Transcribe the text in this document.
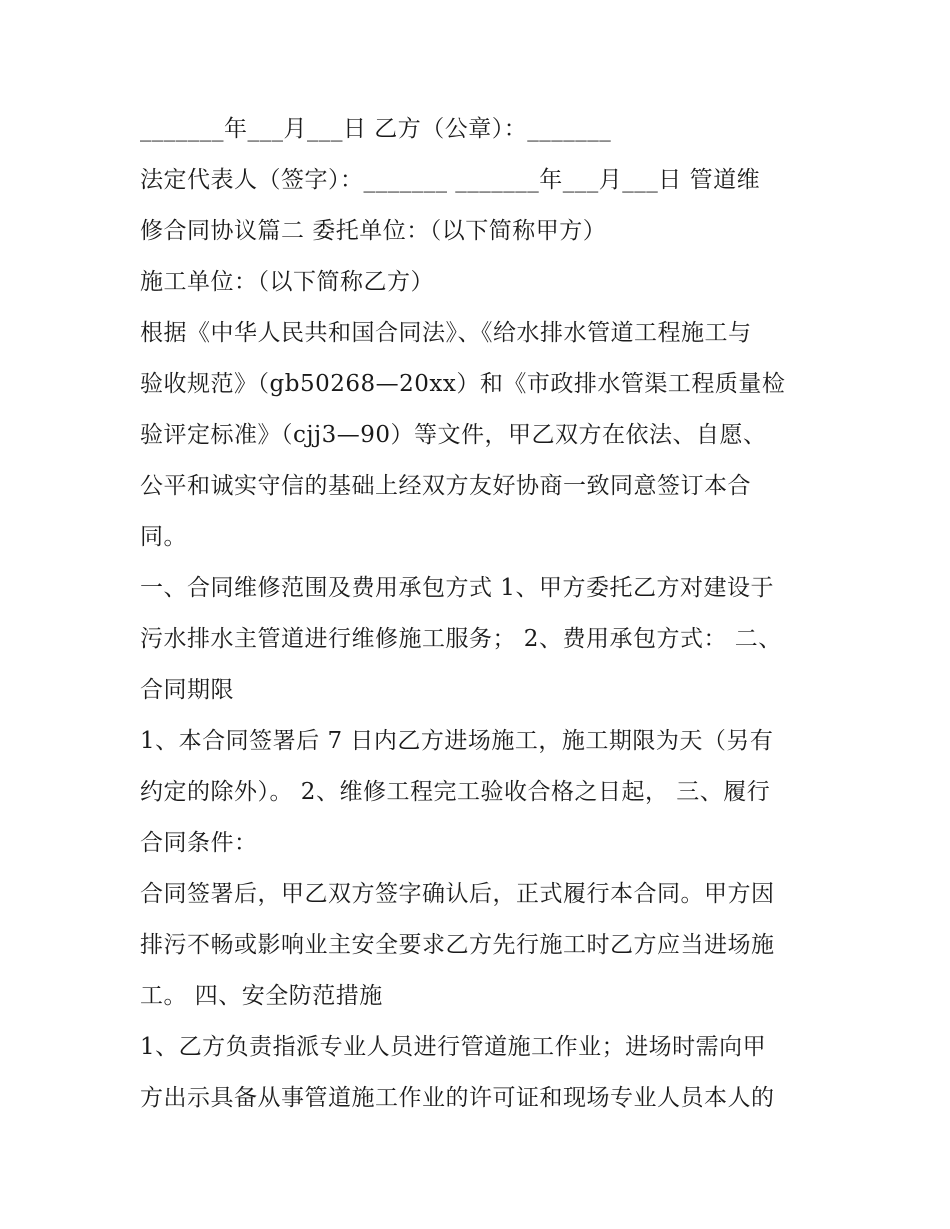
_______年___月___日 乙方（公章）：_______
法定代表人（签字）：_______ _______年___月___日 管道维
修合同协议篇二 委托单位：（以下简称甲方）
施工单位：（以下简称乙方）
根据《中华人民共和国合同法》、《给水排水管道工程施工与
验收规范》（gb50268—20xx）和《市政排水管渠工程质量检
验评定标准》（cjj3—90）等文件，甲乙双方在依法、自愿、
公平和诚实守信的基础上经双方友好协商一致同意签订本合
同。
一、合同维修范围及费用承包方式 1、甲方委托乙方对建设于
污水排水主管道进行维修施工服务； 2、费用承包方式： 二、
合同期限
1、本合同签署后 7 日内乙方进场施工，施工期限为天（另有
约定的除外）。 2、维修工程完工验收合格之日起， 三、履行
合同条件：
合同签署后，甲乙双方签字确认后，正式履行本合同。甲方因
排污不畅或影响业主安全要求乙方先行施工时乙方应当进场施
工。 四、安全防范措施
1、乙方负责指派专业人员进行管道施工作业；进场时需向甲
方出示具备从事管道施工作业的许可证和现场专业人员本人的
